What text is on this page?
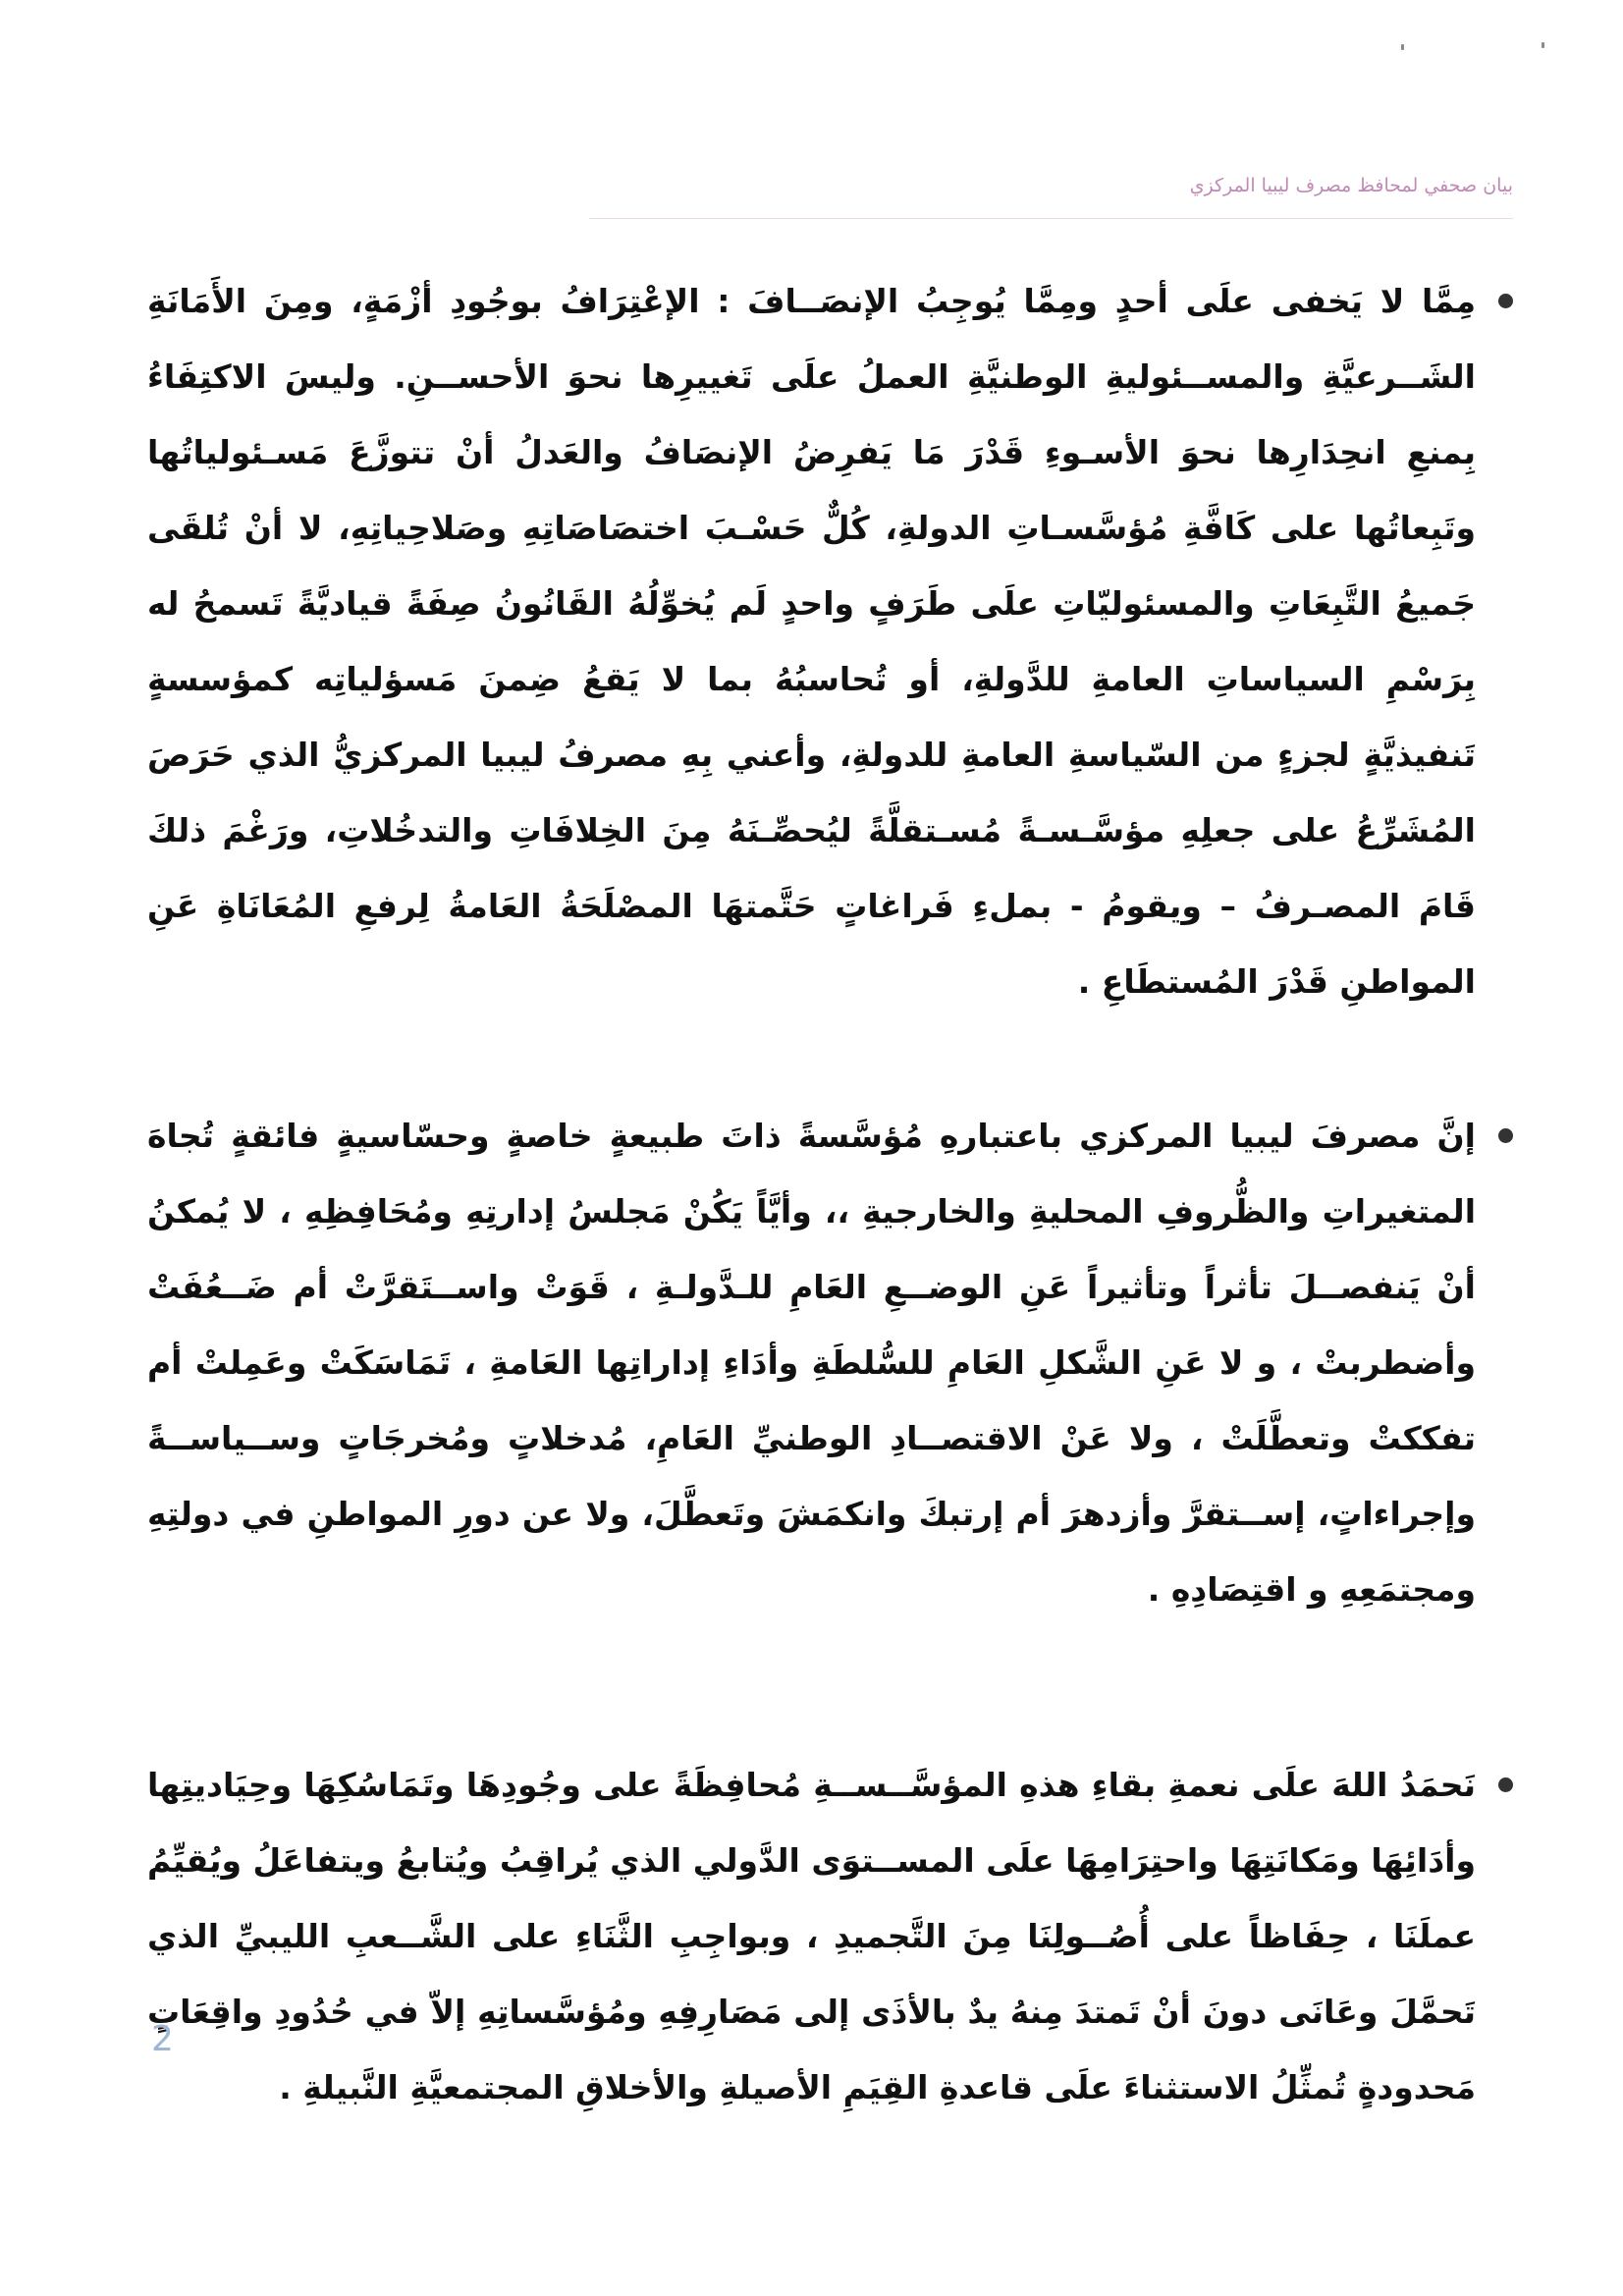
بيان صحفي لمحافظ مصرف ليبيا المركزي

مِمَّا لا يَخفى علَى أحدٍ ومِمَّا يُوجِبُ الإنصَــافَ : الإعْتِرَافُ بوجُودِ أزْمَةٍ، ومِنَ الأَمَانَةِ الشَــرعيَّةِ والمســئوليةِ الوطنيَّةِ العملُ علَى تَغييرِها نحوَ الأحســنِ. وليسَ الاكتِفَاءُ بِمنعِ انحِدَارِها نحوَ الأسـوءِ قَدْرَ مَا يَفرِضُ الإنصَافُ والعَدلُ أنْ تتوزَّعَ مَسـئولياتُها وتَبِعاتُها على كَافَّةِ مُؤسَّسـاتِ الدولةِ، كُلٌّ حَسْـبَ اختصَاصَاتِهِ وصَلاحِياتِهِ، لا أنْ تُلقَى جَميعُ التَّبِعَاتِ والمسئوليّاتِ علَى طَرَفٍ واحدٍ لَم يُخوِّلُهُ القَانُونُ صِفَةً قياديَّةً تَسمحُ له بِرَسْمِ السياساتِ العامةِ للدَّولةِ، أو تُحاسبُهُ بما لا يَقعُ ضِمنَ مَسؤلياتِه كمؤسسةٍ تَنفيذيَّةٍ لجزءٍ من السّياسةِ العامةِ للدولةِ، وأعني بِهِ مصرفُ ليبيا المركزيُّ الذي حَرَصَ المُشَرِّعُ على جعلِهِ مؤسَّـسـةً مُسـتقلَّةً ليُحصِّـنَهُ مِنَ الخِلافَاتِ والتدخُلاتِ، ورَغْمَ ذلكَ قَامَ المصـرفُ – ويقومُ - بملءِ فَراغاتٍ حَتَّمتهَا المصْلَحَةُ العَامةُ لِرفعِ المُعَانَاةِ عَنِ المواطنِ قَدْرَ المُستطَاعِ .

إنَّ مصرفَ ليبيا المركزي باعتبارهِ مُؤسَّسةً ذاتَ طبيعةٍ خاصةٍ وحسّاسيةٍ فائقةٍ تُجاهَ المتغيراتِ والظُّروفِ المحليةِ والخارجيةِ ،، وأيَّاً يَكُنْ مَجلسُ إدارتِهِ ومُحَافِظِهِ ، لا يُمكنُ أنْ يَنفصــلَ تأثراً وتأثيراً عَنِ الوضــعِ العَامِ للـدَّولـةِ ، قَوَتْ واســتَقرَّتْ أم ضَــعُفَتْ وأضطربتْ ، و لا عَنِ الشَّكلِ العَامِ للسُّلطَةِ وأدَاءِ إداراتِها العَامةِ ، تَمَاسَكَتْ وعَمِلتْ أم تفككتْ وتعطَّلَتْ ، ولا عَنْ الاقتصــادِ الوطنيِّ العَامِ، مُدخلاتٍ ومُخرجَاتٍ وســياســةً وإجراءاتٍ، إســتقرَّ وأزدهرَ أم إرتبكَ وانكمَشَ وتَعطَّلَ، ولا عن دورِ المواطنِ في دولتِهِ ومجتمَعِهِ و اقتِصَادِهِ .

نَحمَدُ اللهَ علَى نعمةِ بقاءِ هذهِ المؤسَّــســةِ مُحافِظَةً على وجُودِهَا وتَمَاسُكِهَا وحِيَاديتِها وأدَائِهَا ومَكانَتِهَا واحتِرَامِهَا علَى المســتوَى الدَّولي الذي يُراقِبُ ويُتابعُ ويتفاعَلُ ويُقيِّمُ عملَنَا ، حِفَاظاً على أُصُــولِنَا مِنَ التَّجميدِ ، وبواجِبِ الثَّنَاءِ على الشَّــعبِ الليبيِّ الذي تَحمَّلَ وعَانَى دونَ أنْ تَمتدَ مِنهُ يدٌ بالأذَى إلى مَصَارِفِهِ ومُؤسَّساتِهِ إلاّ في حُدُودِ واقِعَاتٍ مَحدودةٍ تُمثِّلُ الاستثناءَ علَى قاعدةِ القِيَمِ الأصيلةِ والأخلاقِ المجتمعيَّةِ النَّبيلةِ .

2
